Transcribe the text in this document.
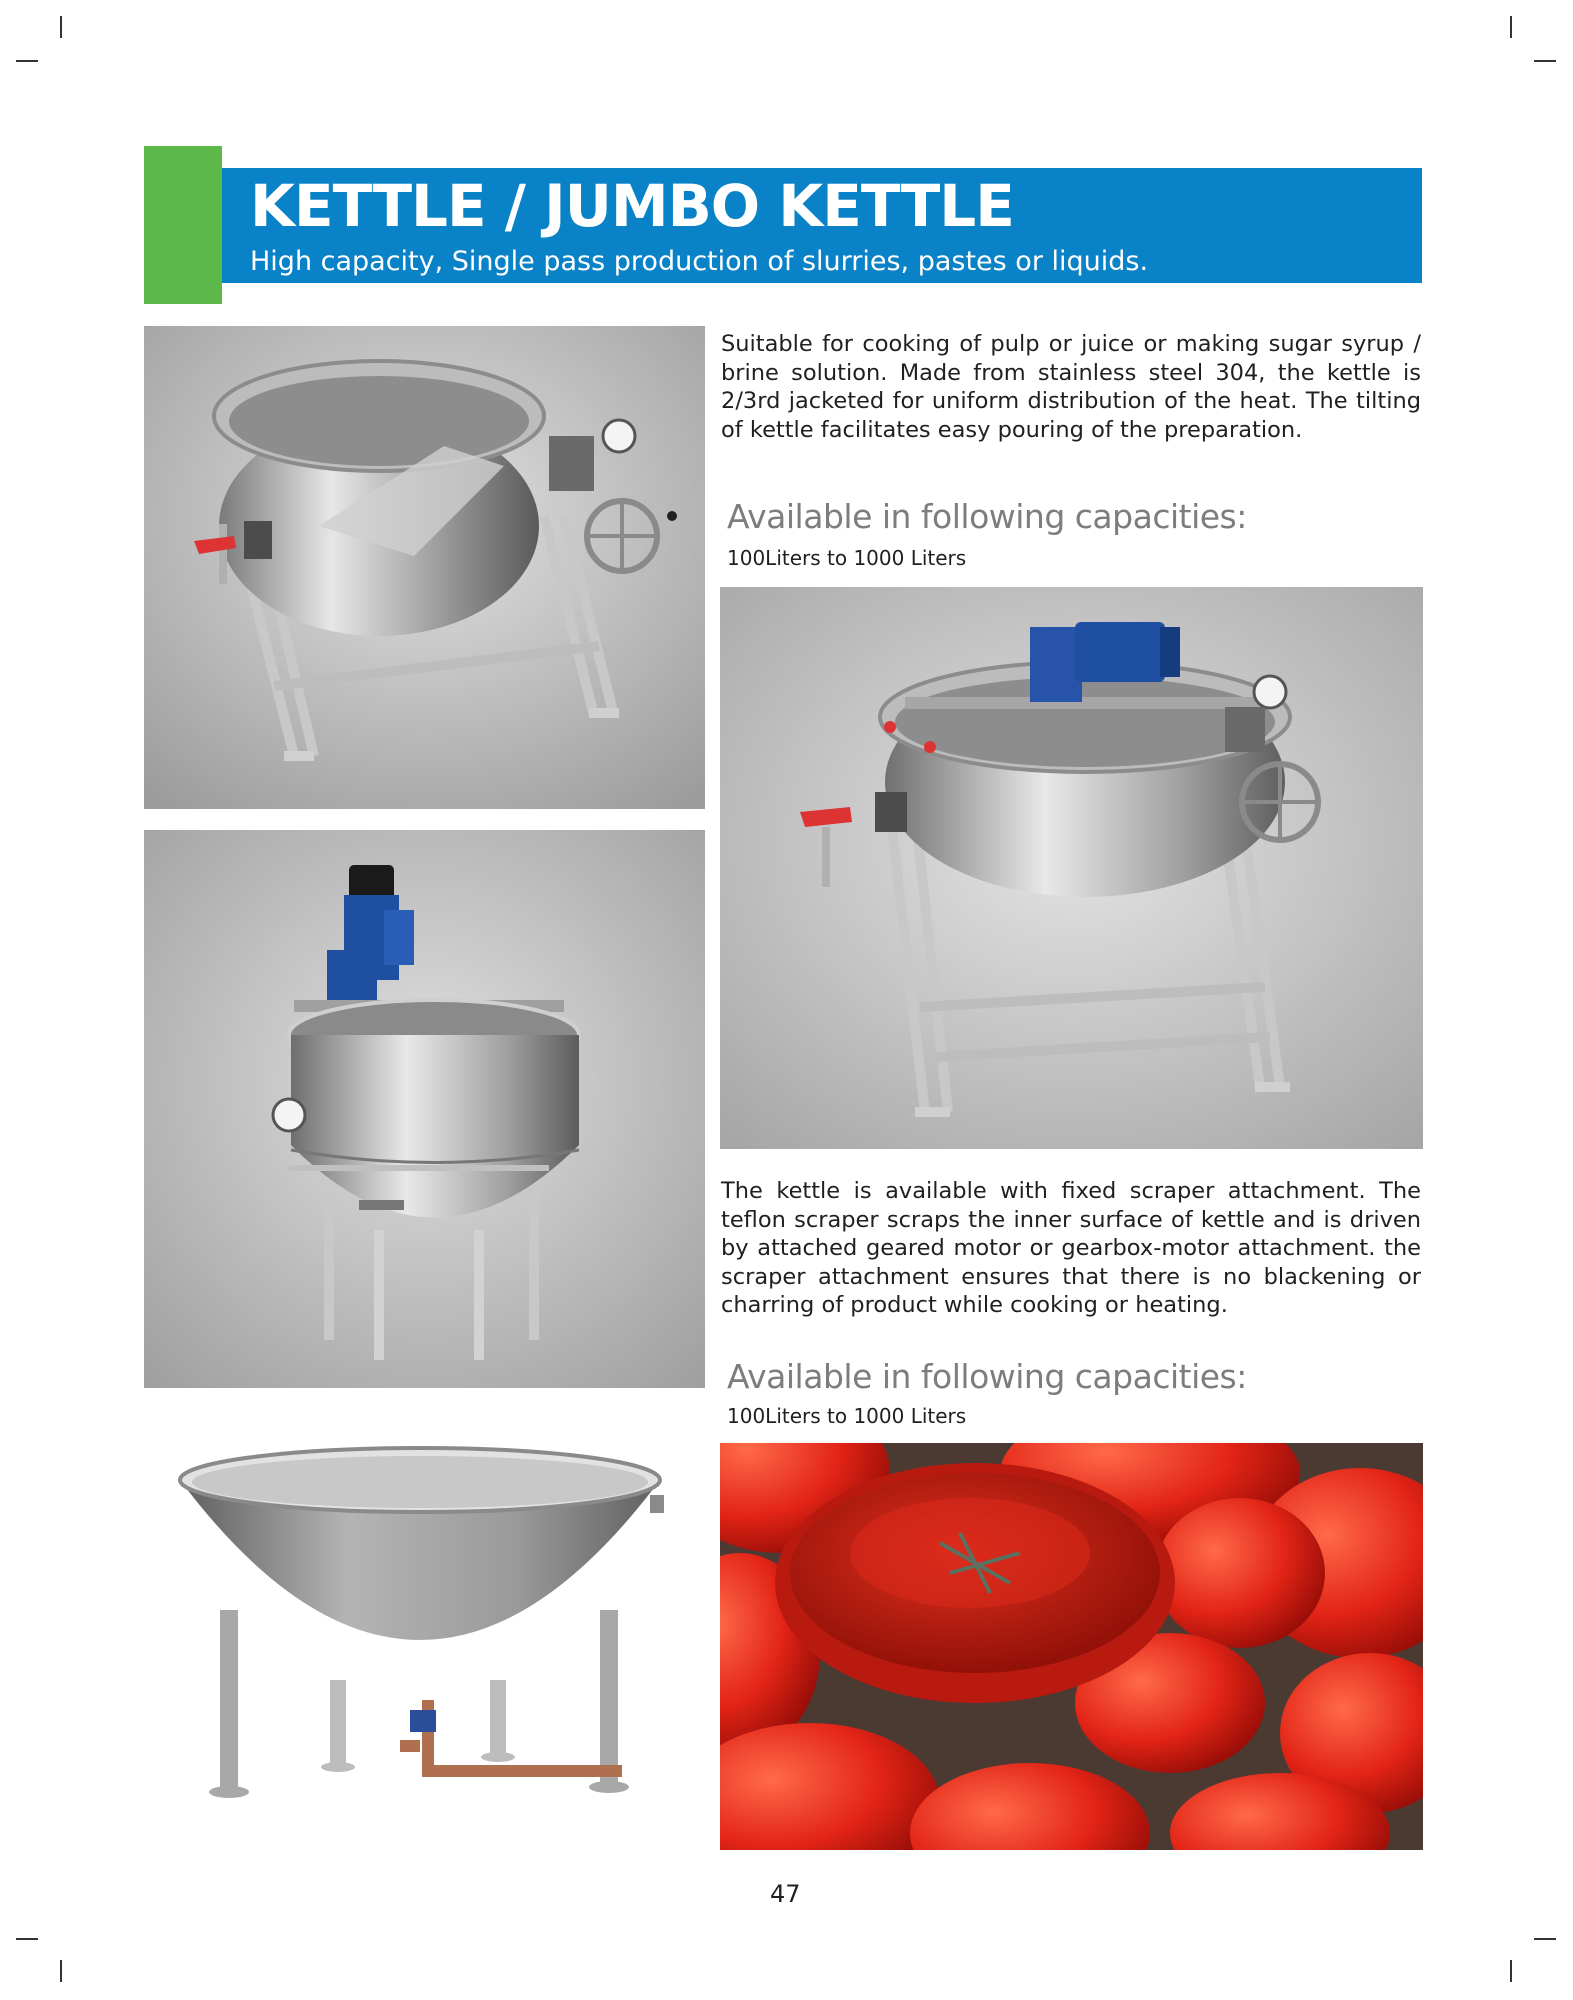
KETTLE / JUMBO KETTLE
High capacity, Single pass production of slurries, pastes or liquids.
Suitable for cooking of pulp or juice or making sugar syrup / brine solution. Made from stainless steel 304, the kettle is 2/3rd jacketed for uniform distribution of the heat. The tilting of kettle facilitates easy pouring of the preparation.
Available in following capacities:
100Liters to 1000 Liters
The kettle is available with fixed scraper attachment. The teflon scraper scraps the inner surface of kettle and is driven by attached geared motor or gearbox-motor attachment. the scraper attachment ensures that there is no blackening or charring of product while cooking or heating.
Available in following capacities:
100Liters to 1000 Liters
47
